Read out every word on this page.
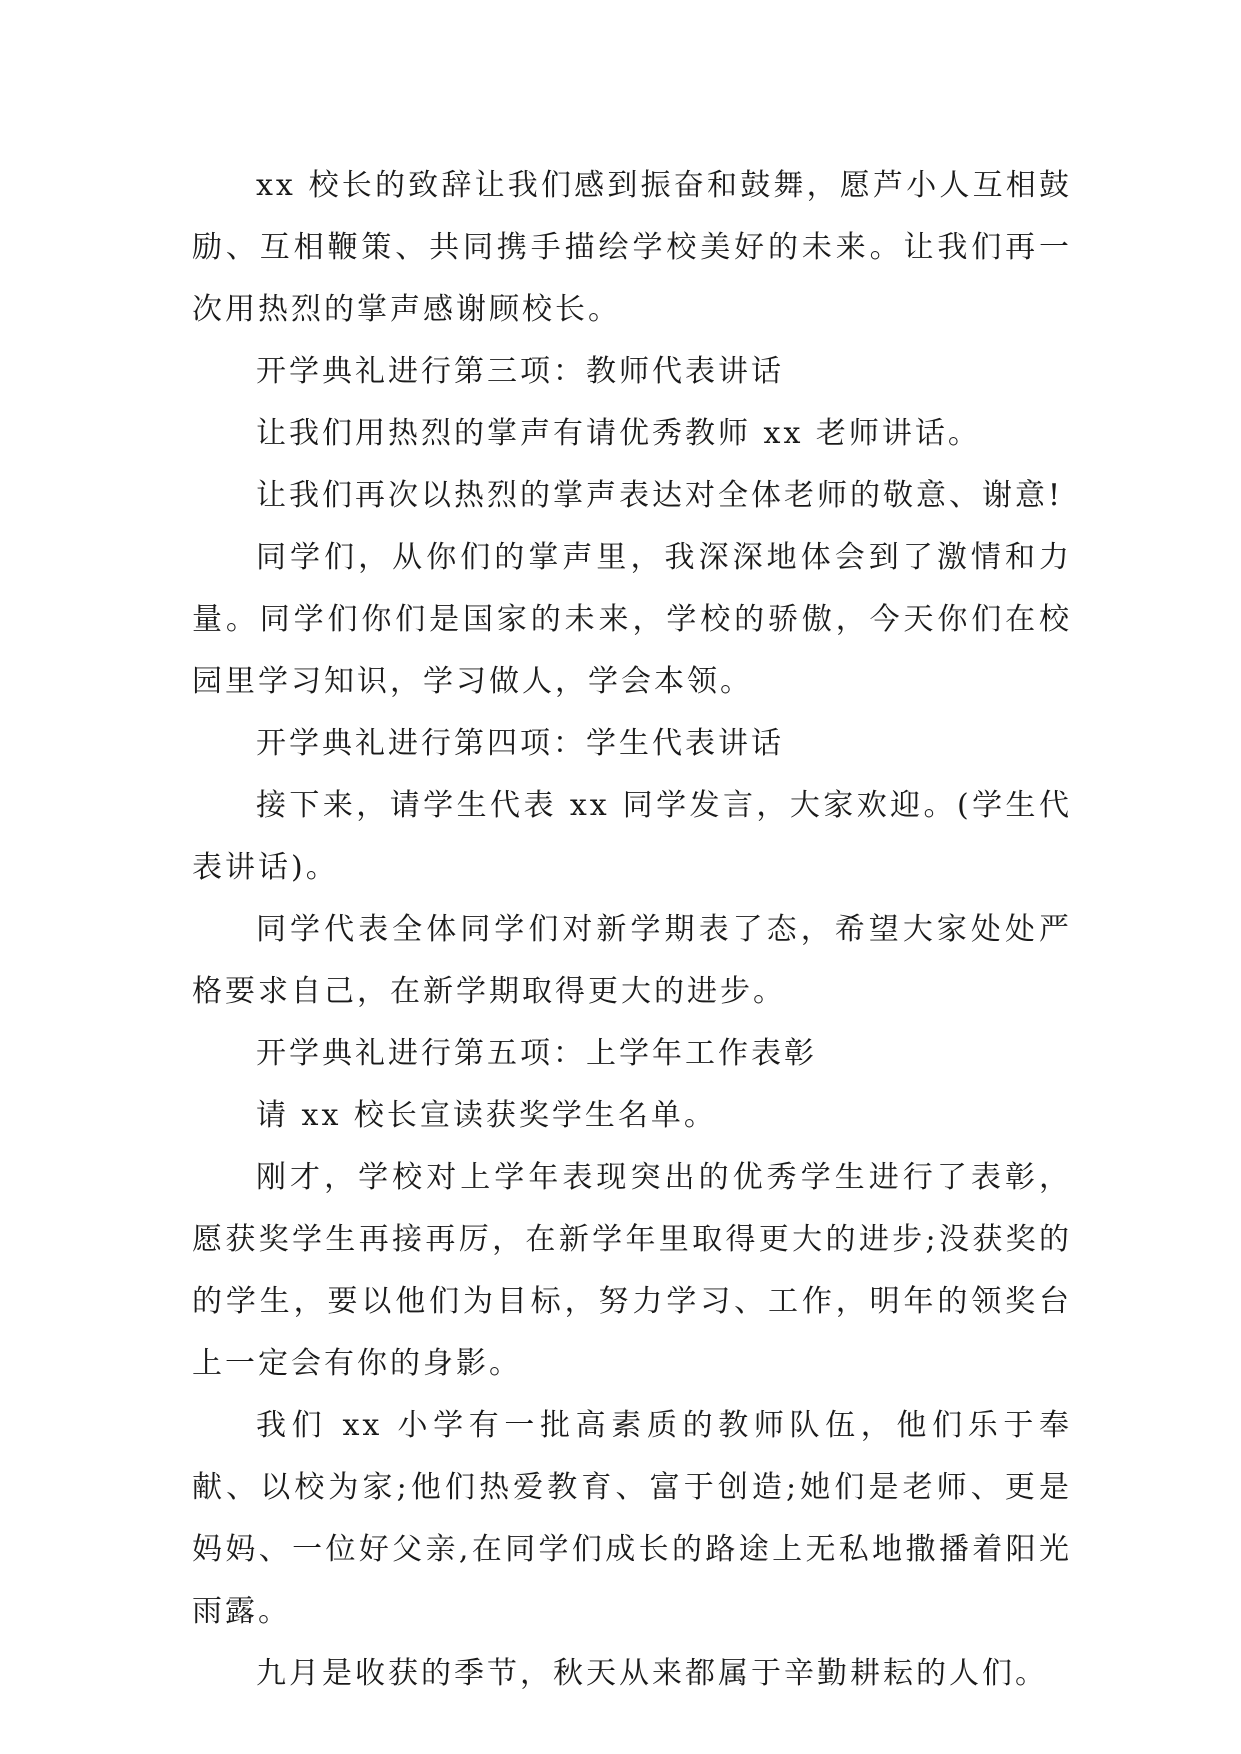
xx 校长的致辞让我们感到振奋和鼓舞，愿芦小人互相鼓励、互相鞭策、共同携手描绘学校美好的未来。让我们再一次用热烈的掌声感谢顾校长。

开学典礼进行第三项：教师代表讲话

让我们用热烈的掌声有请优秀教师 xx 老师讲话。

让我们再次以热烈的掌声表达对全体老师的敬意、谢意!

同学们，从你们的掌声里，我深深地体会到了激情和力量。同学们你们是国家的未来，学校的骄傲，今天你们在校园里学习知识，学习做人，学会本领。

开学典礼进行第四项：学生代表讲话

接下来，请学生代表 xx 同学发言，大家欢迎。(学生代表讲话)。

同学代表全体同学们对新学期表了态，希望大家处处严格要求自己，在新学期取得更大的进步。

开学典礼进行第五项：上学年工作表彰

请 xx 校长宣读获奖学生名单。

刚才，学校对上学年表现突出的优秀学生进行了表彰，愿获奖学生再接再厉，在新学年里取得更大的进步;没获奖的的学生，要以他们为目标，努力学习、工作，明年的领奖台上一定会有你的身影。

我们 xx 小学有一批高素质的教师队伍，他们乐于奉献、以校为家;他们热爱教育、富于创造;她们是老师、更是妈妈、一位好父亲,在同学们成长的路途上无私地撒播着阳光雨露。

九月是收获的季节，秋天从来都属于辛勤耕耘的人们。
